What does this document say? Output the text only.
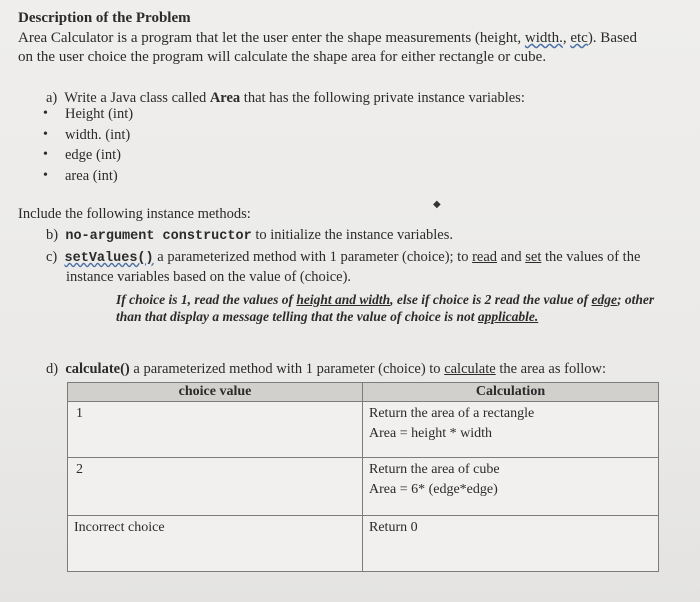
Description of the Problem
Area Calculator is a program that let the user enter the shape measurements (height, width., etc). Based
on the user choice the program will calculate the shape area for either rectangle or cube.
a) Write a Java class called Area that has the following private instance variables:
• Height (int)
• width. (int)
• edge (int)
• area (int)
◆
Include the following instance methods:
b) no-argument constructor to initialize the instance variables.
c) setValues() a parameterized method with 1 parameter (choice); to read and set the values of the
instance variables based on the value of (choice).
If choice is 1, read the values of height and width, else if choice is 2 read the value of edge; other than that display a message telling that the value of choice is not applicable.
d) calculate() a parameterized method with 1 parameter (choice) to calculate the area as follow:
choice value	Calculation
1	Return the area of a rectangle
Area = height * width

2	Return the area of cube
Area = 6* (edge*edge)

Incorrect choice	Return 0
